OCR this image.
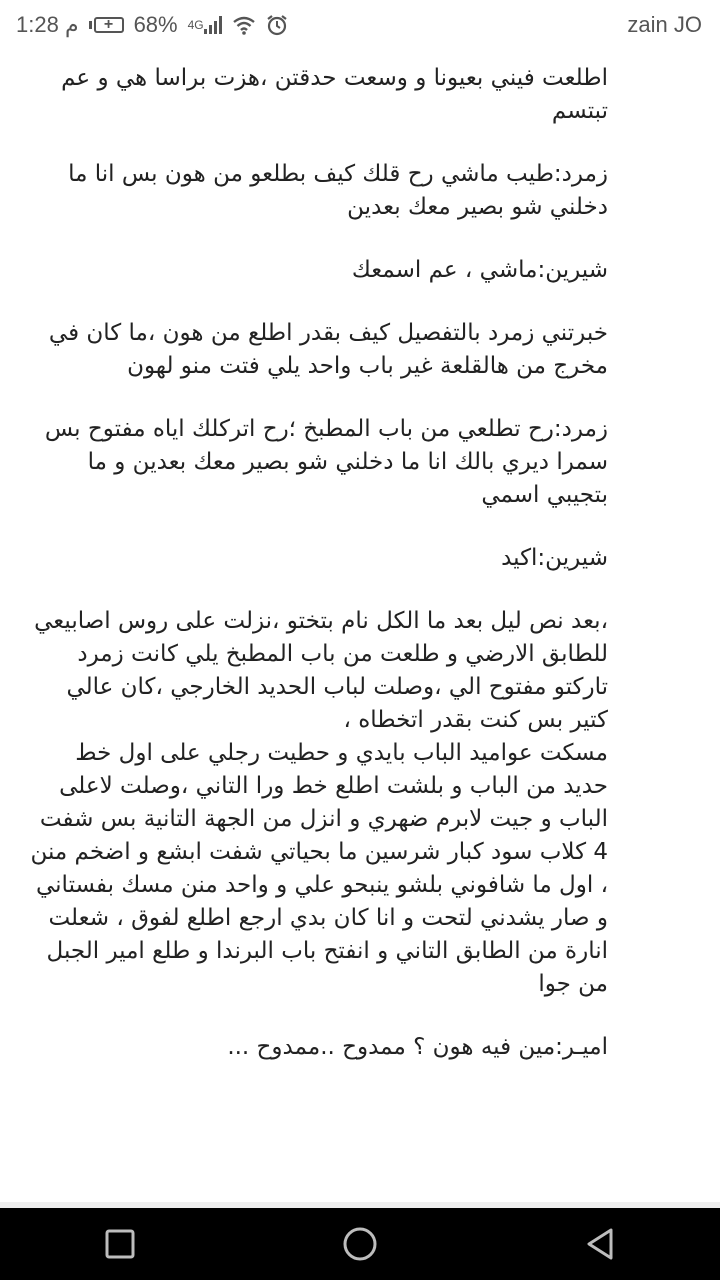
1:28 م	+ 68% 4G	zain JO

اطلعت فيني بعيونا و وسعت حدقتن ،هزت براسا هي و عم تبتسم

زمرد:طيب ماشي رح قلك كيف بطلعو من هون بس انا ما دخلني شو بصير معك بعدين

شيرين:ماشي ، عم اسمعك

خبرتني زمرد بالتفصيل كيف بقدر اطلع من هون ،ما كان في مخرج من هالقلعة غير باب واحد يلي فتت منو لهون

زمرد:رح تطلعي من باب المطبخ ؛رح اتركلك اياه مفتوح بس سمرا ديري بالك انا ما دخلني شو بصير معك بعدين و ما بتجيبي اسمي

شيرين:اكيد

،بعد نص ليل بعد ما الكل نام بتختو ،نزلت على روس اصابيعي للطابق الارضي و طلعت من باب المطبخ يلي كانت زمرد تاركتو مفتوح الي ،وصلت لباب الحديد الخارجي ،كان عالي كتير بس كنت بقدر اتخطاه ،
مسكت عواميد الباب بايدي و حطيت رجلي على اول خط حديد من الباب و بلشت اطلع خط ورا التاني ،وصلت لاعلى الباب و جيت لابرم ضهري و انزل من الجهة التانية بس شفت 4 كلاب سود كبار شرسين ما بحياتي شفت ابشع و اضخم منن ، اول ما شافوني بلشو ينبحو علي و واحد منن مسك بفستاني و صار يشدني لتحت و انا كان بدي ارجع اطلع لفوق ، شعلت انارة من الطابق التاني و انفتح باب البرندا و طلع امير الجبل من جوا

اميـر:مين فيه هون ؟ ممدوح ..ممدوح ...
